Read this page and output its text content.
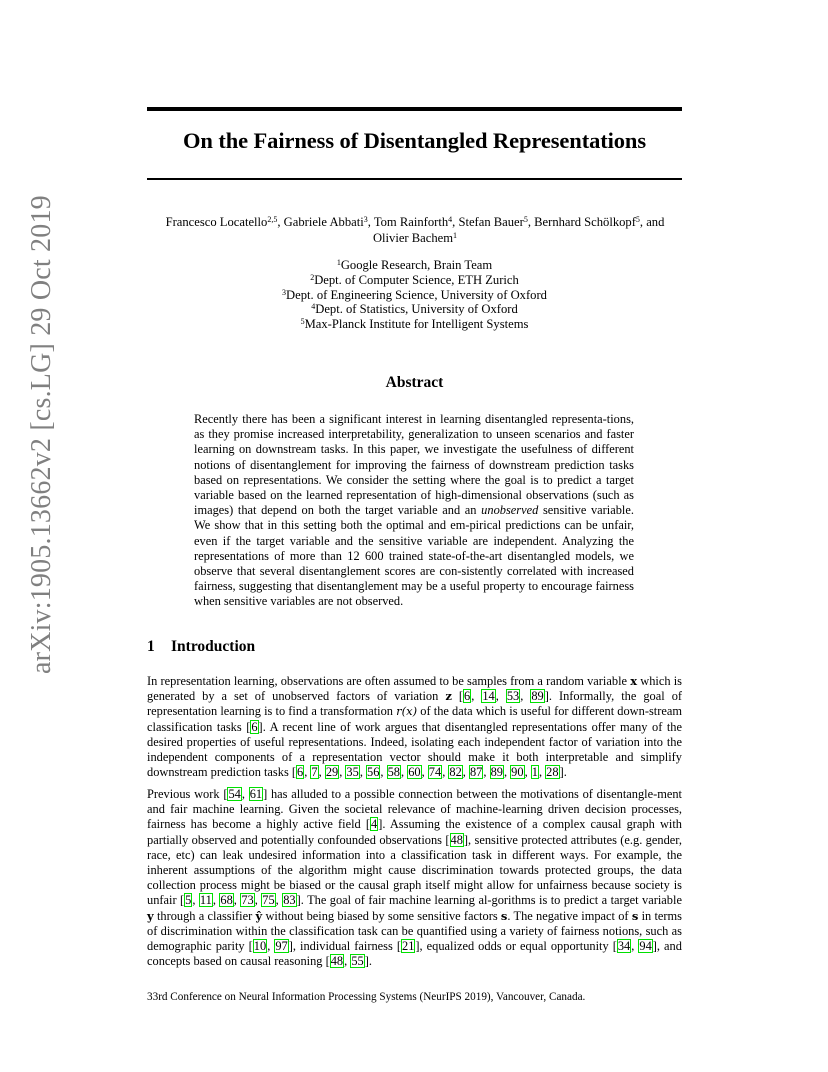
arXiv:1905.13662v2 [cs.LG] 29 Oct 2019
On the Fairness of Disentangled Representations
Francesco Locatello$^{2,5}$, Gabriele Abbati$^3$, Tom Rainforth$^4$, Stefan Bauer$^5$, Bernhard Schölkopf$^5$, and
Olivier Bachem$^1$
$^1$Google Research, Brain Team
$^2$Dept. of Computer Science, ETH Zurich
$^3$Dept. of Engineering Science, University of Oxford
$^4$Dept. of Statistics, University of Oxford
$^5$Max-Planck Institute for Intelligent Systems
Abstract
Recently there has been a significant interest in learning disentangled representa-tions, as they promise increased interpretability, generalization to unseen scenarios and faster learning on downstream tasks. In this paper, we investigate the usefulness of different notions of disentanglement for improving the fairness of downstream prediction tasks based on representations. We consider the setting where the goal is to predict a target variable based on the learned representation of high-dimensional observations (such as images) that depend on both the target variable and an unobserved sensitive variable. We show that in this setting both the optimal and em-pirical predictions can be unfair, even if the target variable and the sensitive variable are independent. Analyzing the representations of more than 12 600 trained state-of-the-art disentangled models, we observe that several disentanglement scores are con-sistently correlated with increased fairness, suggesting that disentanglement may be a useful property to encourage fairness when sensitive variables are not observed.
1 Introduction
In representation learning, observations are often assumed to be samples from a random variable x which is generated by a set of unobserved factors of variation z [6, 14, 53, 89]. Informally, the goal of representation learning is to find a transformation r(x) of the data which is useful for different down-stream classification tasks [6]. A recent line of work argues that disentangled representations offer many of the desired properties of useful representations. Indeed, isolating each independent factor of variation into the independent components of a representation vector should make it both interpretable and simplify downstream prediction tasks [6, 7, 29, 35, 56, 58, 60, 74, 82, 87, 89, 90, 1, 28].
Previous work [54, 61] has alluded to a possible connection between the motivations of disentangle-ment and fair machine learning. Given the societal relevance of machine-learning driven decision processes, fairness has become a highly active field [4]. Assuming the existence of a complex causal graph with partially observed and potentially confounded observations [48], sensitive protected attributes (e.g. gender, race, etc) can leak undesired information into a classification task in different ways. For example, the inherent assumptions of the algorithm might cause discrimination towards protected groups, the data collection process might be biased or the causal graph itself might allow for unfairness because society is unfair [5, 11, 68, 73, 75, 83]. The goal of fair machine learning al-gorithms is to predict a target variable y through a classifier ŷ without being biased by some sensitive factors s. The negative impact of s in terms of discrimination within the classification task can be quantified using a variety of fairness notions, such as demographic parity [10, 97], individual fairness [21], equalized odds or equal opportunity [34, 94], and concepts based on causal reasoning [48, 55].
33rd Conference on Neural Information Processing Systems (NeurIPS 2019), Vancouver, Canada.
